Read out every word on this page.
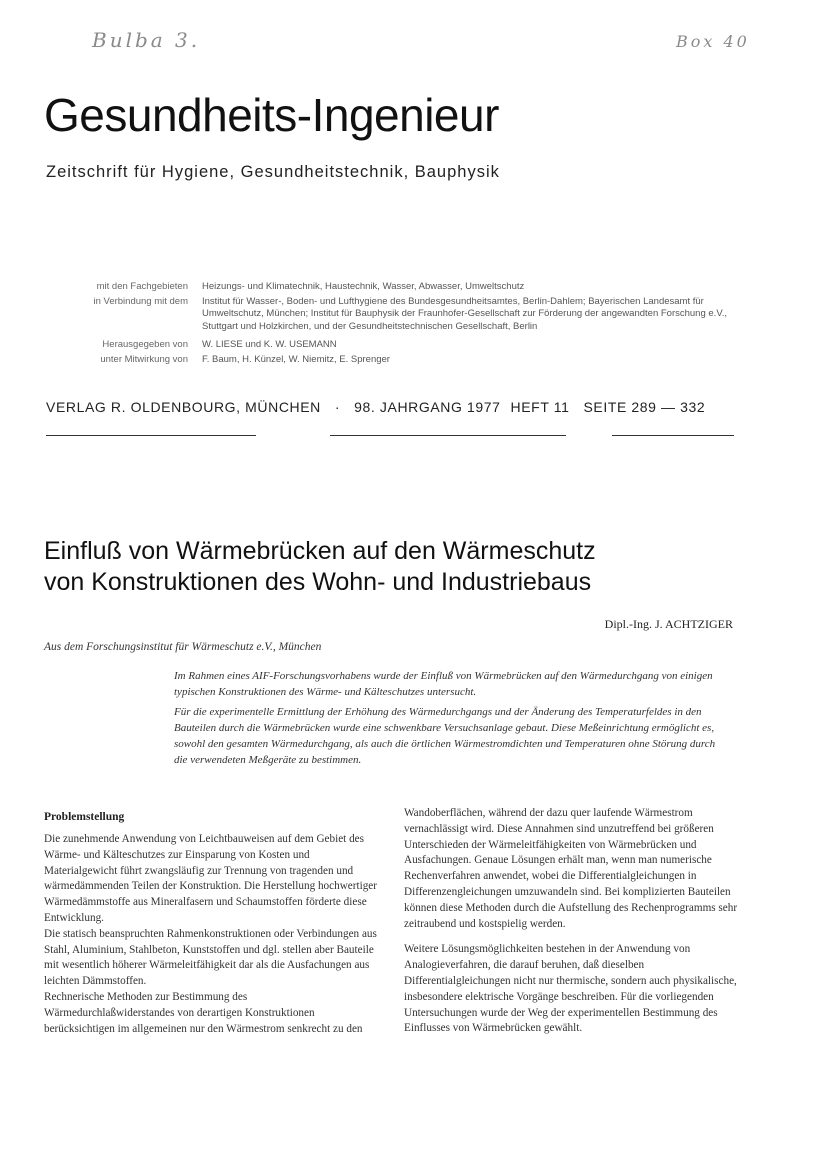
Bulba 3.	Box 40
Gesundheits-Ingenieur
Zeitschrift für Hygiene, Gesundheitstechnik, Bauphysik
mit den Fachgebieten	Heizungs- und Klimatechnik, Haustechnik, Wasser, Abwasser, Umweltschutz
in Verbindung mit dem	Institut für Wasser-, Boden- und Lufthygiene des Bundesgesundheitsamtes, Berlin-Dahlem; Bayerischen Landesamt für Umweltschutz, München; Institut für Bauphysik der Fraunhofer-Gesellschaft zur Förderung der angewandten Forschung e.V., Stuttgart und Holzkirchen, und der Gesundheitstechnischen Gesellschaft, Berlin
Herausgegeben von	W. LIESE und K. W. USEMANN
unter Mitwirkung von	F. Baum, H. Künzel, W. Niemitz, E. Sprenger
VERLAG R. OLDENBOURG, MÜNCHEN · 98. JAHRGANG 1977 HEFT 11 SEITE 289 — 332
Einfluß von Wärmebrücken auf den Wärmeschutz
von Konstruktionen des Wohn- und Industriebaus
Dipl.-Ing. J. ACHTZIGER
Aus dem Forschungsinstitut für Wärmeschutz e.V., München

Im Rahmen eines AIF-Forschungsvorhabens wurde der Einfluß von Wärmebrücken auf den Wärmedurchgang von einigen typischen Konstruktionen des Wärme- und Kälteschutzes untersucht.

Für die experimentelle Ermittlung der Erhöhung des Wärmedurchgangs und der Änderung des Temperaturfeldes in den Bauteilen durch die Wärmebrücken wurde eine schwenkbare Versuchsanlage gebaut. Diese Meßeinrichtung ermöglicht es, sowohl den gesamten Wärmedurchgang, als auch die örtlichen Wärmestromdichten und Temperaturen ohne Störung durch die verwendeten Meßgeräte zu bestimmen.

Problemstellung

Die zunehmende Anwendung von Leichtbauweisen auf dem Gebiet des Wärme- und Kälteschutzes zur Einsparung von Kosten und Materialgewicht führt zwangsläufig zur Trennung von tragenden und wärmedämmenden Teilen der Konstruktion. Die Herstellung hochwertiger Wärmedämmstoffe aus Mineralfasern und Schaumstoffen förderte diese Entwicklung.

Die statisch beanspruchten Rahmenkonstruktionen oder Verbindungen aus Stahl, Aluminium, Stahlbeton, Kunststoffen und dgl. stellen aber Bauteile mit wesentlich höherer Wärmeleitfähigkeit dar als die Ausfachungen aus leichten Dämmstoffen.

Rechnerische Methoden zur Bestimmung des Wärmedurchlaßwiderstandes von derartigen Konstruktionen berücksichtigen im allgemeinen nur den Wärmestrom senkrecht zu den

Wandoberflächen, während der dazu quer laufende Wärmestrom vernachlässigt wird. Diese Annahmen sind unzutreffend bei größeren Unterschieden der Wärmeleitfähigkeiten von Wärmebrücken und Ausfachungen. Genaue Lösungen erhält man, wenn man numerische Rechenverfahren anwendet, wobei die Differentialgleichungen in Differenzengleichungen umzuwandeln sind. Bei komplizierten Bauteilen können diese Methoden durch die Aufstellung des Rechenprogramms sehr zeitraubend und kostspielig werden.

Weitere Lösungsmöglichkeiten bestehen in der Anwendung von Analogieverfahren, die darauf beruhen, daß dieselben Differentialgleichungen nicht nur thermische, sondern auch physikalische, insbesondere elektrische Vorgänge beschreiben. Für die vorliegenden Untersuchungen wurde der Weg der experimentellen Bestimmung des Einflusses von Wärmebrücken gewählt.
